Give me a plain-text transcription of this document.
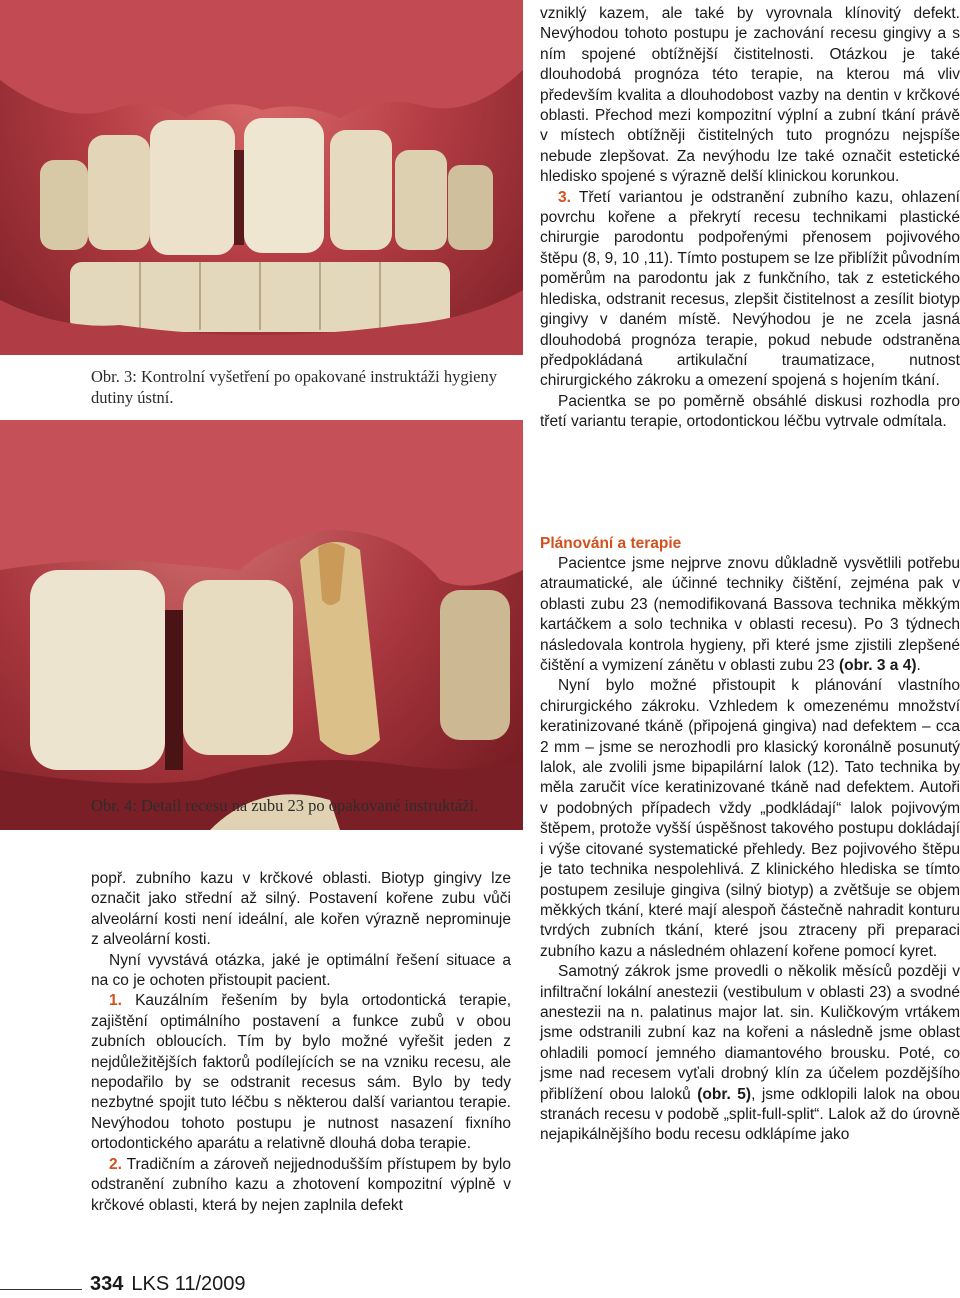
Obr. 3: Kontrolní vyšetření po opakované instruktáži hygieny dutiny ústní.
Obr. 4: Detail recesu na zubu 23 po opakované instruktáži.

popř. zubního kazu v krčkové oblasti. Biotyp gingivy lze označit jako střední až silný. Postavení kořene zubu vůči alveolární kosti není ideální, ale kořen výrazně neprominuje z alveolární kosti.

Nyní vyvstává otázka, jaké je optimální řešení situace a na co je ochoten přistoupit pacient.

1. Kauzálním řešením by byla ortodontická terapie, zajištění optimálního postavení a funkce zubů v obou zubních obloucích. Tím by bylo možné vyřešit jeden z nejdůležitějších faktorů podílejících se na vzniku recesu, ale nepodařilo by se odstranit recesus sám. Bylo by tedy nezbytné spojit tuto léčbu s některou další variantou terapie. Nevýhodou tohoto postupu je nutnost nasazení fixního ortodontického aparátu a relativně dlouhá doba terapie.

2. Tradičním a zároveň nejjednodušším přístupem by bylo odstranění zubního kazu a zhotovení kompozitní výplně v krčkové oblasti, která by nejen zaplnila defekt

vzniklý kazem, ale také by vyrovnala klínovitý defekt. Nevýhodou tohoto postupu je zachování recesu gingivy a s ním spojené obtížnější čistitelnosti. Otázkou je také dlouhodobá prognóza této terapie, na kterou má vliv především kvalita a dlouhodobost vazby na dentin v krčkové oblasti. Přechod mezi kompozitní výplní a zubní tkání právě v místech obtížněji čistitelných tuto prognózu nejspíše nebude zlepšovat. Za nevýhodu lze také označit estetické hledisko spojené s výrazně delší klinickou korunkou.

3. Třetí variantou je odstranění zubního kazu, ohlazení povrchu kořene a překrytí recesu technikami plastické chirurgie parodontu podpořenými přenosem pojivového štěpu (8, 9, 10 ,11). Tímto postupem se lze přiblížit původním poměrům na parodontu jak z funkčního, tak z estetického hlediska, odstranit recesus, zlepšit čistitelnost a zesílit biotyp gingivy v daném místě. Nevýhodou je ne zcela jasná dlouhodobá prognóza terapie, pokud nebude odstraněna předpokládaná artikulační traumatizace, nutnost chirurgického zákroku a omezení spojená s hojením tkání.

Pacientka se po poměrně obsáhlé diskusi rozhodla pro třetí variantu terapie, ortodontickou léčbu vytrvale odmítala.

Plánování a terapie

Pacientce jsme nejprve znovu důkladně vysvětlili potřebu atraumatické, ale účinné techniky čištění, zejména pak v oblasti zubu 23 (nemodifikovaná Bassova technika měkkým kartáčkem a solo technika v oblasti recesu). Po 3 týdnech následovala kontrola hygieny, při které jsme zjistili zlepšené čištění a vymizení zánětu v oblasti zubu 23 (obr. 3 a 4).

Nyní bylo možné přistoupit k plánování vlastního chirurgického zákroku. Vzhledem k omezenému množství keratinizované tkáně (připojená gingiva) nad defektem – cca 2 mm – jsme se nerozhodli pro klasický koronálně posunutý lalok, ale zvolili jsme bipapilární lalok (12). Tato technika by měla zaručit více keratinizované tkáně nad defektem. Autoři v podobných případech vždy „podkládají“ lalok pojivovým štěpem, protože vyšší úspěšnost takového postupu dokládají i výše citované systematické přehledy. Bez pojivového štěpu je tato technika nespolehlivá. Z klinického hlediska se tímto postupem zesiluje gingiva (silný biotyp) a zvětšuje se objem měkkých tkání, které mají alespoň částečně nahradit konturu tvrdých zubních tkání, které jsou ztraceny při preparaci zubního kazu a následném ohlazení kořene pomocí kyret.

Samotný zákrok jsme provedli o několik měsíců později v infiltrační lokální anestezii (vestibulum v oblasti 23) a svodné anestezii na n. palatinus major lat. sin. Kuličkovým vrtákem jsme odstranili zubní kaz na kořeni a následně jsme oblast ohladili pomocí jemného diamantového brousku. Poté, co jsme nad recesem vyťali drobný klín za účelem pozdějšího přiblížení obou laloků (obr. 5), jsme odklopili lalok na obou stranách recesu v podobě „split-full-split“. Lalok až do úrovně nejapikálnějšího bodu recesu odklápíme jako

334 LKS 11/2009
